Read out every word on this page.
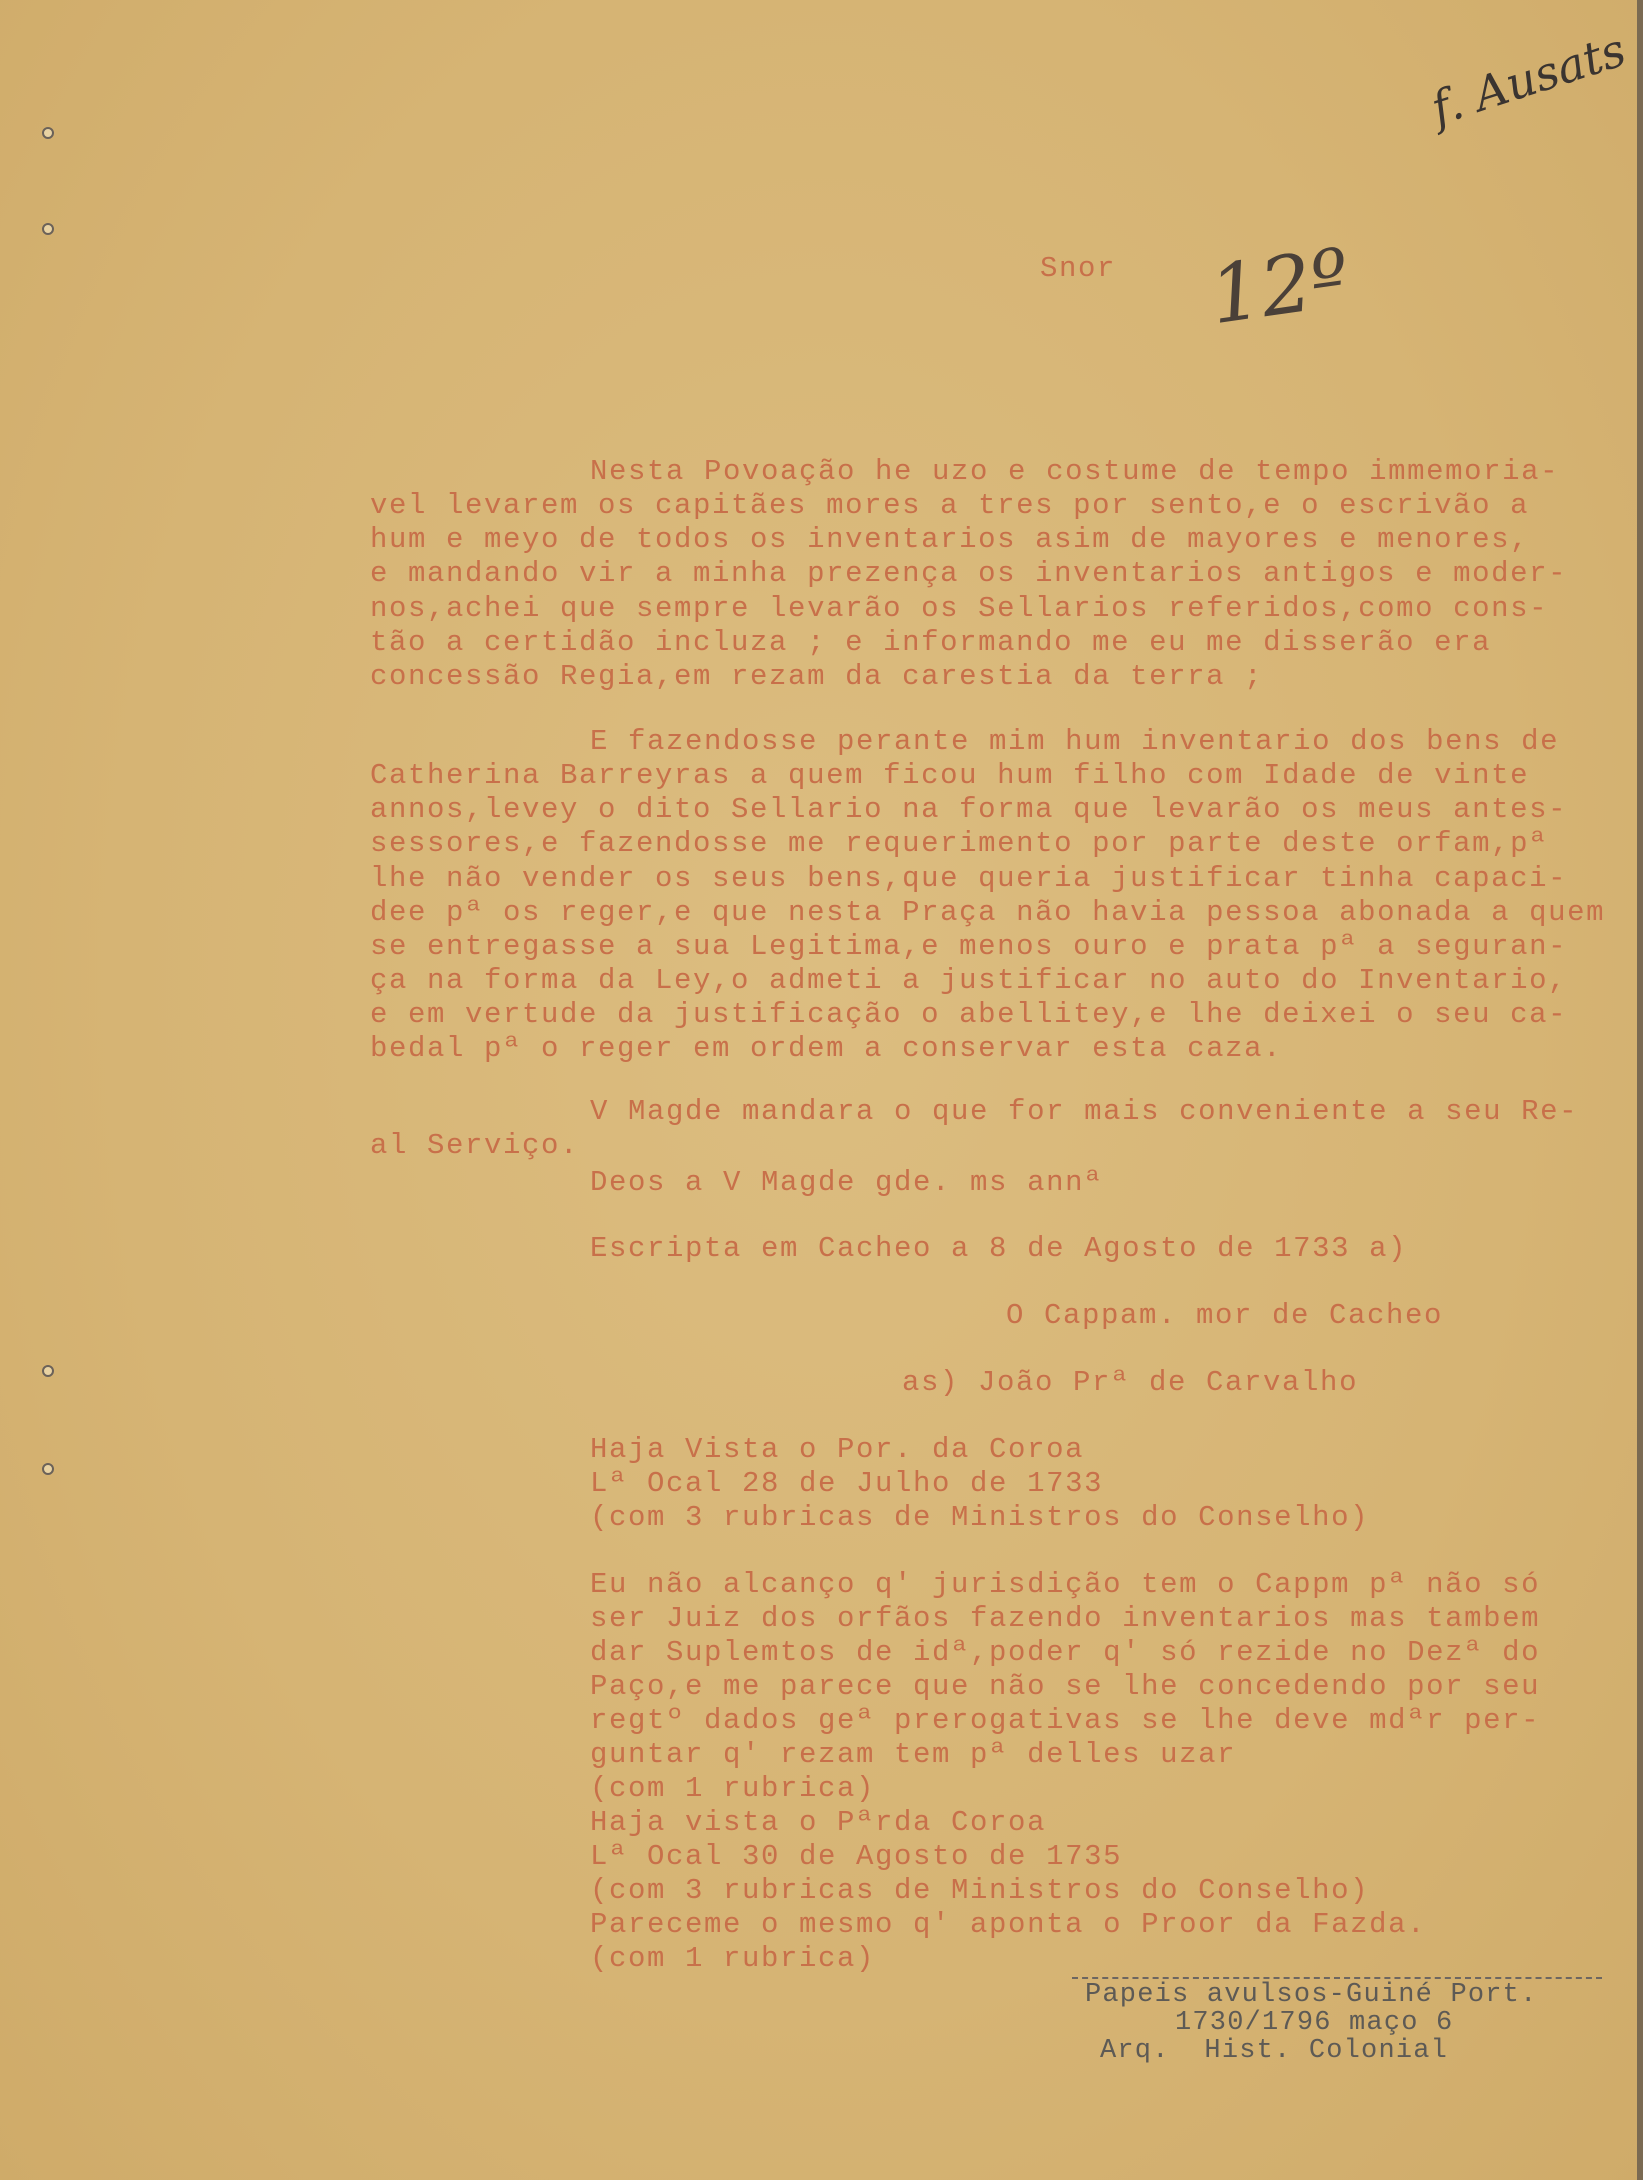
f. Ausats
12º
Snor
Nesta Povoação he uzo e costume de tempo immemoria-
vel levarem os capitães mores a tres por sento,e o escrivão a
hum e meyo de todos os inventarios asim de mayores e menores,
e mandando vir a minha prezença os inventarios antigos e moder-
nos,achei que sempre levarão os Sellarios referidos,como cons-
tão a certidão incluza ; e informando me eu me disserão era
concessão Regia,em rezam da carestia da terra ;
E fazendosse perante mim hum inventario dos bens de
Catherina Barreyras a quem ficou hum filho com Idade de vinte
annos,levey o dito Sellario na forma que levarão os meus antes-
sessores,e fazendosse me requerimento por parte deste orfam,pª
lhe não vender os seus bens,que queria justificar tinha capaci-
dee pª os reger,e que nesta Praça não havia pessoa abonada a quem
se entregasse a sua Legitima,e menos ouro e prata pª a seguran-
ça na forma da Ley,o admeti a justificar no auto do Inventario,
e em vertude da justificação o abellitey,e lhe deixei o seu ca-
bedal pª o reger em ordem a conservar esta caza.
V Magde mandara o que for mais conveniente a seu Re-
al Serviço.
Deos a V Magde gde. ms annª
Escripta em Cacheo a 8 de Agosto de 1733 a)
O Cappam. mor de Cacheo
as) João Prª de Carvalho
Haja Vista o Por. da Coroa
Lª Ocal 28 de Julho de 1733
(com 3 rubricas de Ministros do Conselho)
Eu não alcanço q' jurisdição tem o Cappm pª não só
ser Juiz dos orfãos fazendo inventarios mas tambem
dar Suplemtos de idª,poder q' só rezide no Dezª do
Paço,e me parece que não se lhe concedendo por seu
regtº dados geª prerogativas se lhe deve mdªr per-
guntar q' rezam tem pª delles uzar
(com 1 rubrica)
Haja vista o Pªrda Coroa
Lª Ocal 30 de Agosto de 1735
(com 3 rubricas de Ministros do Conselho)
Pareceme o mesmo q' aponta o Proor da Fazda.
(com 1 rubrica)
Papeis avulsos-Guiné Port.
1730/1796 maço 6
Arq.  Hist. Colonial
